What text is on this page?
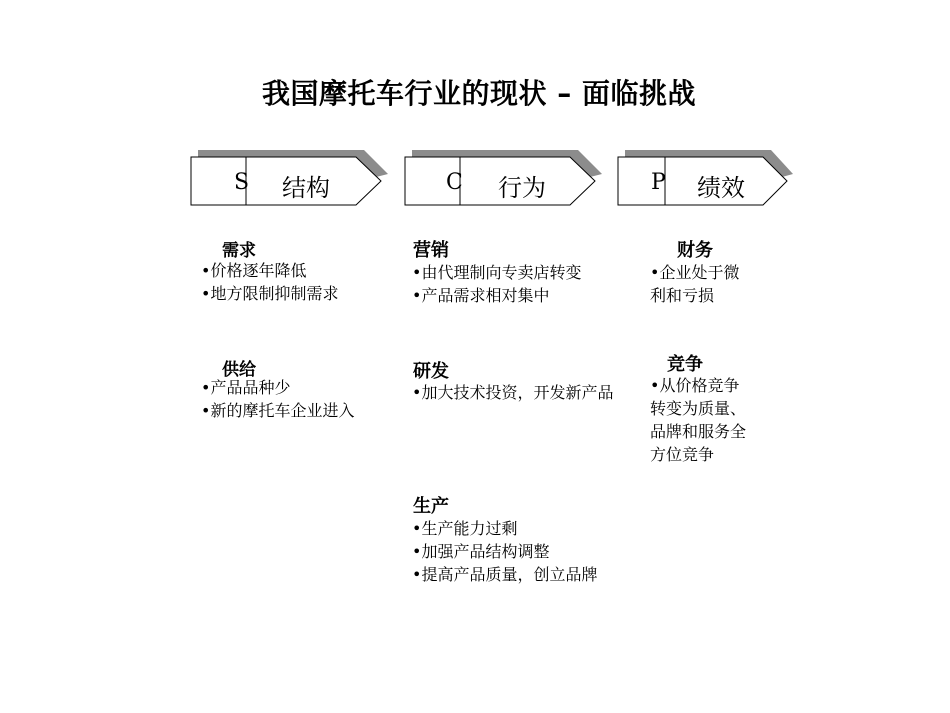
我国摩托车行业的现状 – 面临挑战
S 结构	C 行为	P 绩效
需求
•价格逐年降低
•地方限制抑制需求
供给
•产品品种少
•新的摩托车企业进入
营销
•由代理制向专卖店转变
•产品需求相对集中
研发
•加大技术投资，开发新产品
生产
•生产能力过剩
•加强产品结构调整
•提高产品质量，创立品牌
财务
•企业处于微利和亏损
竞争
•从价格竞争转变为质量、品牌和服务全方位竞争
